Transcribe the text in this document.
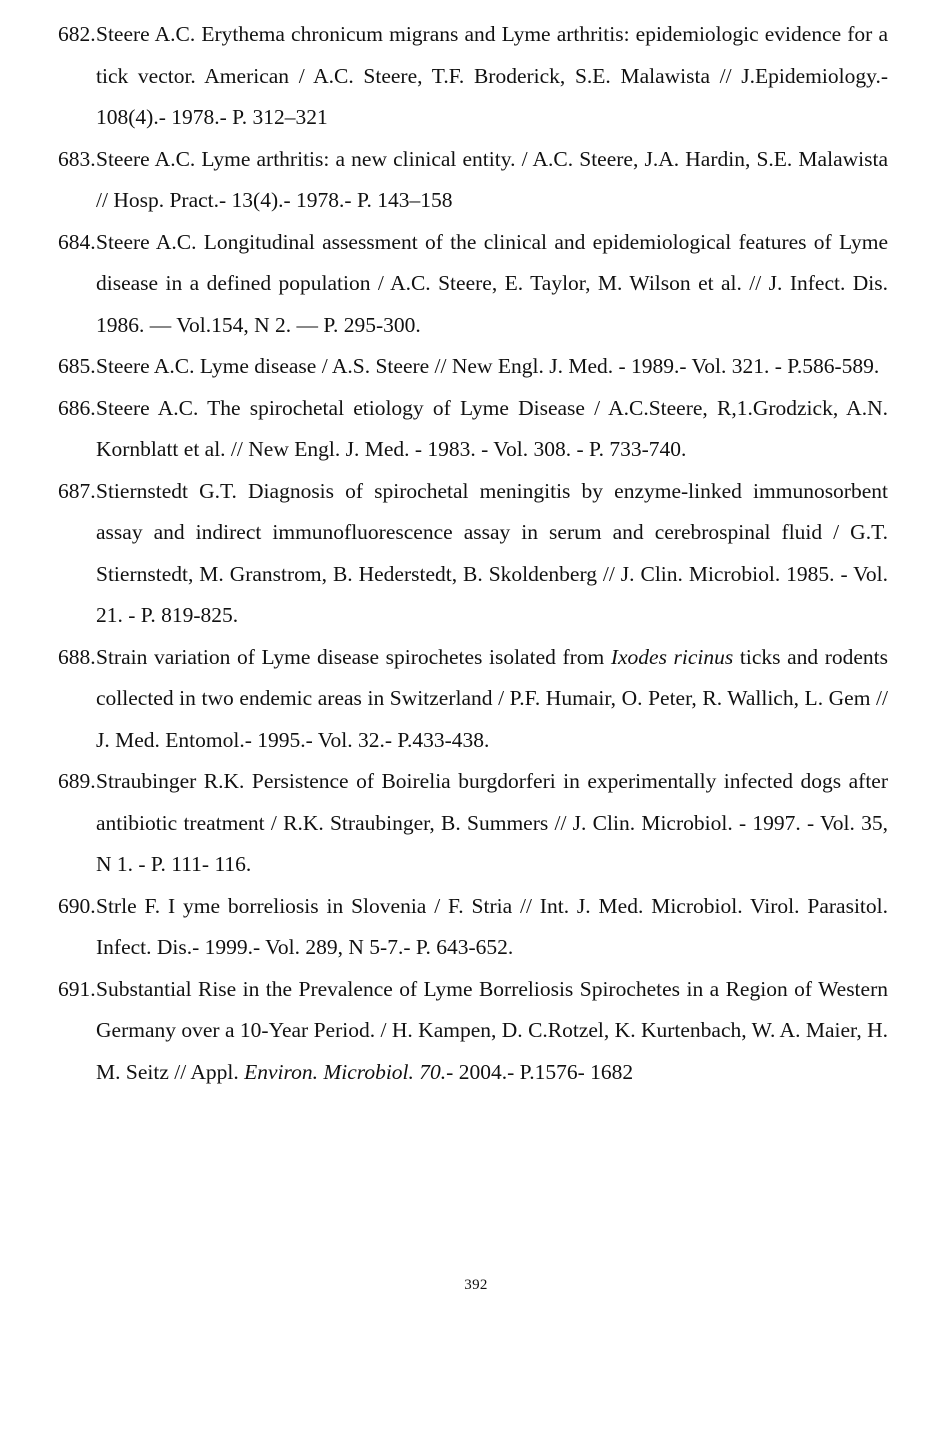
682. Steere A.C. Erythema chronicum migrans and Lyme arthritis: epidemiologic evidence for a tick vector. American / A.C. Steere, T.F. Broderick, S.E. Malawista // J.Epidemiology.- 108(4).- 1978.- P. 312–321
683. Steere A.C. Lyme arthritis: a new clinical entity. / A.C. Steere, J.A. Hardin, S.E. Malawista // Hosp. Pract.- 13(4).- 1978.- P. 143–158
684. Steere A.C. Longitudinal assessment of the clinical and epidemiological features of Lyme disease in a defined population / A.C. Steere, E. Taylor, M. Wilson et al. // J. Infect. Dis. 1986. — Vol.154, N 2. — P. 295-300.
685. Steere A.C. Lyme disease / A.S. Steere // New Engl. J. Med. - 1989.- Vol. 321. - P.586-589.
686. Steere A.C. The spirochetal etiology of Lyme Disease / A.C.Steere, R,1.Grodzick, A.N. Kornblatt et al. // New Engl. J. Med. - 1983. - Vol. 308. - P. 733-740.
687. Stiernstedt G.T. Diagnosis of spirochetal meningitis by enzyme-linked immunosorbent assay and indirect immunofluorescence assay in serum and cerebrospinal fluid / G.T. Stiernstedt, M. Granstrom, B. Hederstedt, B. Skoldenberg // J. Clin. Microbiol. 1985. - Vol. 21. - P. 819-825.
688. Strain variation of Lyme disease spirochetes isolated from Ixodes ricinus ticks and rodents collected in two endemic areas in Switzerland / P.F. Humair, O. Peter, R. Wallich, L. Gem // J. Med. Entomol.- 1995.- Vol. 32.- P.433-438.
689. Straubinger R.K. Persistence of Boirelia burgdorferi in experimentally infected dogs after antibiotic treatment / R.K. Straubinger, B. Summers // J. Clin. Microbiol. - 1997. - Vol. 35, N 1. - P. 111- 116.
690. Strle F. I yme borreliosis in Slovenia / F. Stria // Int. J. Med. Microbiol. Virol. Parasitol. Infect. Dis.- 1999.- Vol. 289, N 5-7.- P. 643-652.
691. Substantial Rise in the Prevalence of Lyme Borreliosis Spirochetes in a Region of Western Germany over a 10-Year Period. / H. Kampen, D. C.Rotzel, K. Kurtenbach, W. A. Maier, H. M. Seitz // Appl. Environ. Microbiol. 70.- 2004.- P.1576- 1682
392
